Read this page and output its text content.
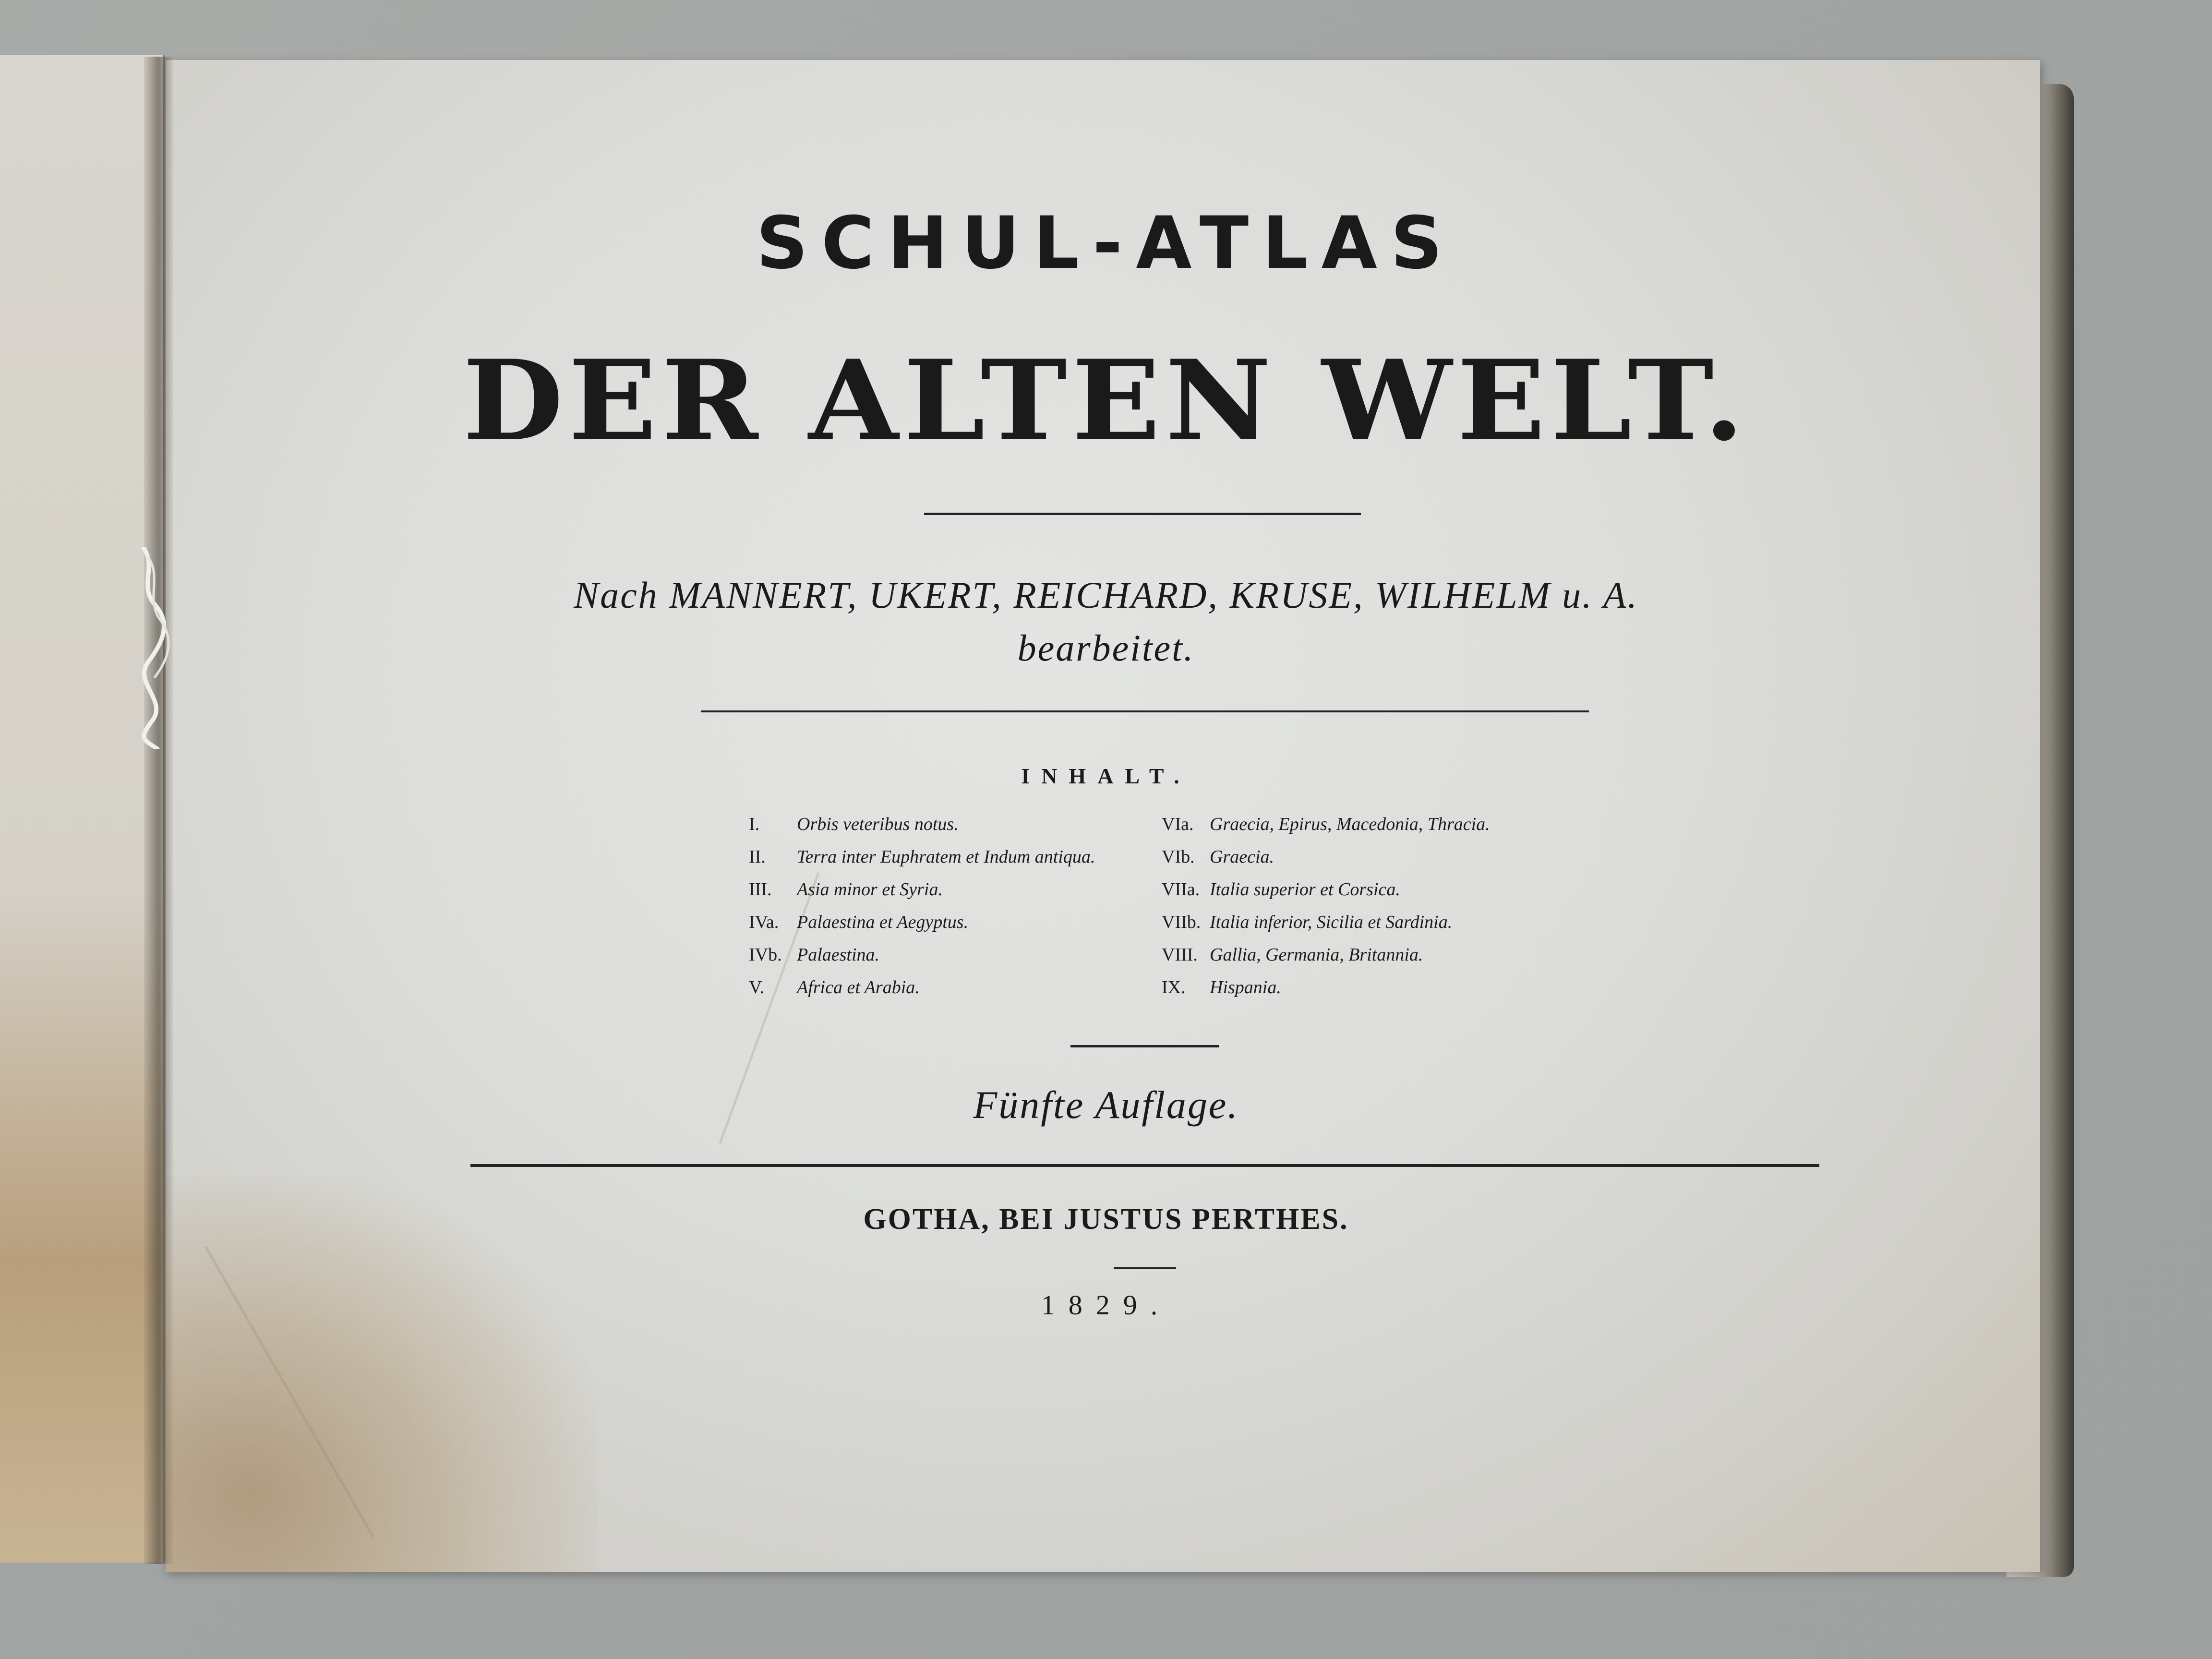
SCHUL-ATLAS
DER ALTEN WELT.
Nach MANNERT, UKERT, REICHARD, KRUSE, WILHELM u. A.
bearbeitet.
INHALT.
I.	Orbis veteribus notus.
II.	Terra inter Euphratem et Indum antiqua.
III.	Asia minor et Syria.
IVa. Palaestina et Aegyptus.
IVb. Palaestina.
V.	Africa et Arabia.
VIa. Graecia, Epirus, Macedonia, Thracia.
VIb. Graecia.
VIIa. Italia superior et Corsica.
VIIb. Italia inferior, Sicilia et Sardinia.
VIII. Gallia, Germania, Britannia.
IX.	Hispania.
Fünfte Auflage.
GOTHA, BEI JUSTUS PERTHES.
1829.
